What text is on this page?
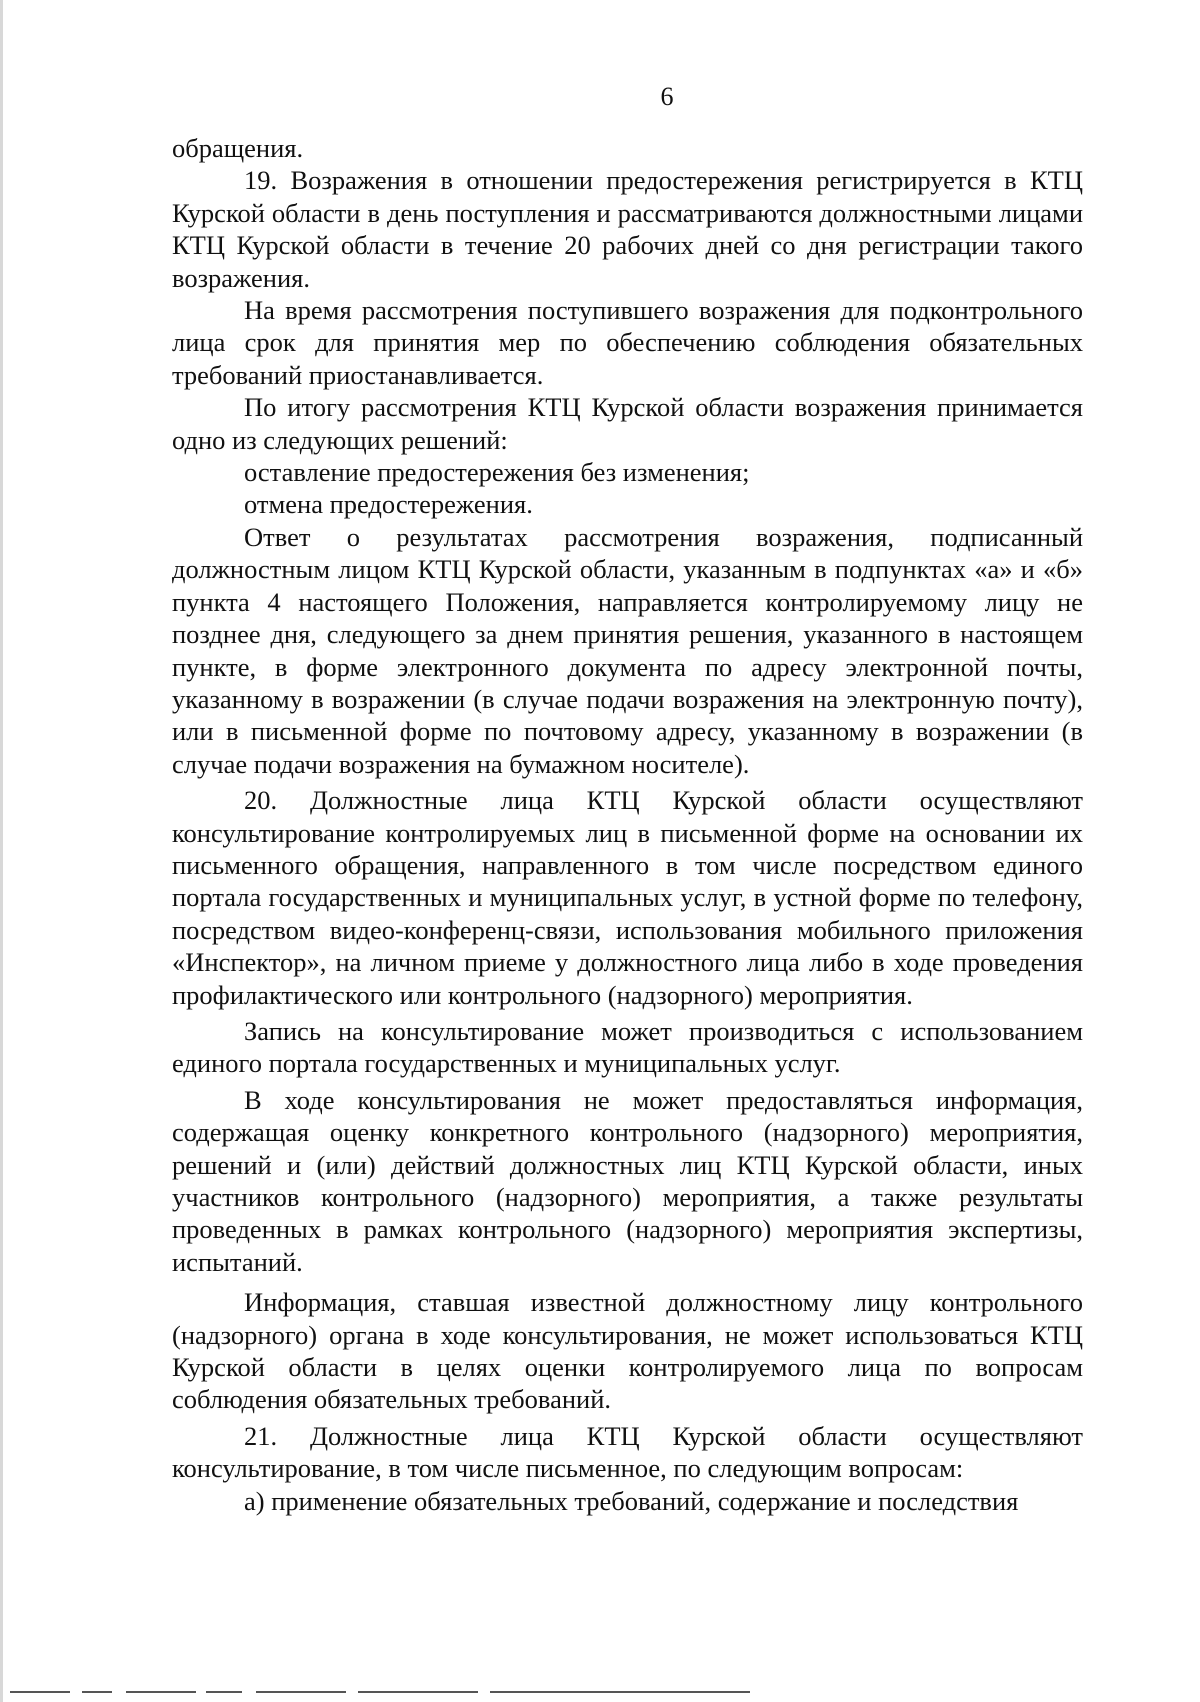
6

обращения.

19. Возражения в отношении предостережения регистрируется в КТЦ Курской области в день поступления и рассматриваются должностными лицами КТЦ Курской области в течение 20 рабочих дней со дня регистрации такого возражения.

На время рассмотрения поступившего возражения для подконтрольного лица срок для принятия мер по обеспечению соблюдения обязательных требований приостанавливается.

По итогу рассмотрения КТЦ Курской области возражения принимается одно из следующих решений:

оставление предостережения без изменения;

отмена предостережения.

Ответ о результатах рассмотрения возражения, подписанный должностным лицом КТЦ Курской области, указанным в подпунктах «а» и «б» пункта 4 настоящего Положения, направляется контролируемому лицу не позднее дня, следующего за днем принятия решения, указанного в настоящем пункте, в форме электронного документа по адресу электронной почты, указанному в возражении (в случае подачи возражения на электронную почту), или в письменной форме по почтовому адресу, указанному в возражении (в случае подачи возражения на бумажном носителе).

20. Должностные лица КТЦ Курской области осуществляют консультирование контролируемых лиц в письменной форме на основании их письменного обращения, направленного в том числе посредством единого портала государственных и муниципальных услуг, в устной форме по телефону, посредством видео-конференц-связи, использования мобильного приложения «Инспектор», на личном приеме у должностного лица либо в ходе проведения профилактического или контрольного (надзорного) мероприятия.

Запись на консультирование может производиться с использованием единого портала государственных и муниципальных услуг.

В ходе консультирования не может предоставляться информация, содержащая оценку конкретного контрольного (надзорного) мероприятия, решений и (или) действий должностных лиц КТЦ Курской области, иных участников контрольного (надзорного) мероприятия, а также результаты проведенных в рамках контрольного (надзорного) мероприятия экспертизы, испытаний.

Информация, ставшая известной должностному лицу контрольного (надзорного) органа в ходе консультирования, не может использоваться КТЦ Курской области в целях оценки контролируемого лица по вопросам соблюдения обязательных требований.

21. Должностные лица КТЦ Курской области осуществляют консультирование, в том числе письменное, по следующим вопросам:

а) применение обязательных требований, содержание и последствия
